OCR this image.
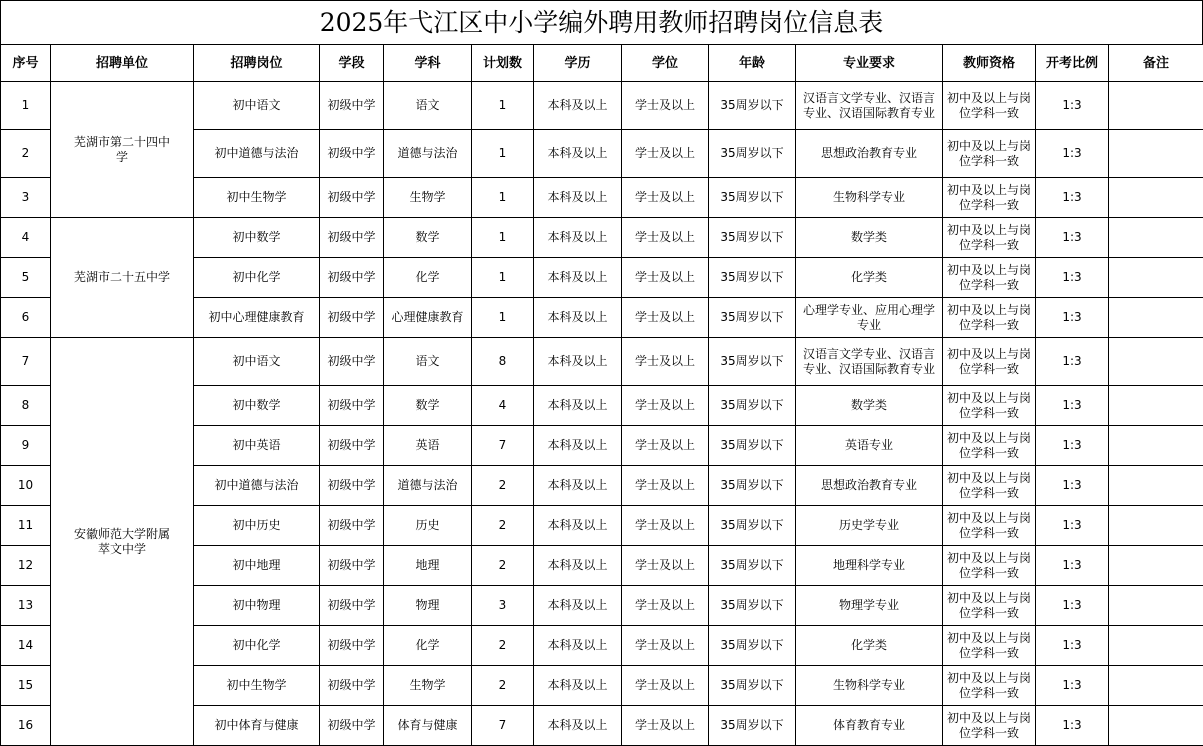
2025年弋江区中小学编外聘用教师招聘岗位信息表
序号	招聘单位	招聘岗位	学段	学科	计划数	学历	学位	年龄	专业要求	教师资格	开考比例	备注
1	芜湖市第二十四中学	初中语文	初级中学	语文	1	本科及以上	学士及以上	35周岁以下	汉语言文学专业、汉语言专业、汉语国际教育专业	初中及以上与岗位学科一致	1:3	
2		初中道德与法治	初级中学	道德与法治	1	本科及以上	学士及以上	35周岁以下	思想政治教育专业	初中及以上与岗位学科一致	1:3	
3		初中生物学	初级中学	生物学	1	本科及以上	学士及以上	35周岁以下	生物科学专业	初中及以上与岗位学科一致	1:3	
4	芜湖市二十五中学	初中数学	初级中学	数学	1	本科及以上	学士及以上	35周岁以下	数学类	初中及以上与岗位学科一致	1:3	
5		初中化学	初级中学	化学	1	本科及以上	学士及以上	35周岁以下	化学类	初中及以上与岗位学科一致	1:3	
6		初中心理健康教育	初级中学	心理健康教育	1	本科及以上	学士及以上	35周岁以下	心理学专业、应用心理学专业	初中及以上与岗位学科一致	1:3	
7	安徽师范大学附属萃文中学	初中语文	初级中学	语文	8	本科及以上	学士及以上	35周岁以下	汉语言文学专业、汉语言专业、汉语国际教育专业	初中及以上与岗位学科一致	1:3	
8		初中数学	初级中学	数学	4	本科及以上	学士及以上	35周岁以下	数学类	初中及以上与岗位学科一致	1:3	
9		初中英语	初级中学	英语	7	本科及以上	学士及以上	35周岁以下	英语专业	初中及以上与岗位学科一致	1:3	
10		初中道德与法治	初级中学	道德与法治	2	本科及以上	学士及以上	35周岁以下	思想政治教育专业	初中及以上与岗位学科一致	1:3	
11		初中历史	初级中学	历史	2	本科及以上	学士及以上	35周岁以下	历史学专业	初中及以上与岗位学科一致	1:3	
12		初中地理	初级中学	地理	2	本科及以上	学士及以上	35周岁以下	地理科学专业	初中及以上与岗位学科一致	1:3	
13		初中物理	初级中学	物理	3	本科及以上	学士及以上	35周岁以下	物理学专业	初中及以上与岗位学科一致	1:3	
14		初中化学	初级中学	化学	2	本科及以上	学士及以上	35周岁以下	化学类	初中及以上与岗位学科一致	1:3	
15		初中生物学	初级中学	生物学	2	本科及以上	学士及以上	35周岁以下	生物科学专业	初中及以上与岗位学科一致	1:3	
16		初中体育与健康	初级中学	体育与健康	7	本科及以上	学士及以上	35周岁以下	体育教育专业	初中及以上与岗位学科一致	1:3	
